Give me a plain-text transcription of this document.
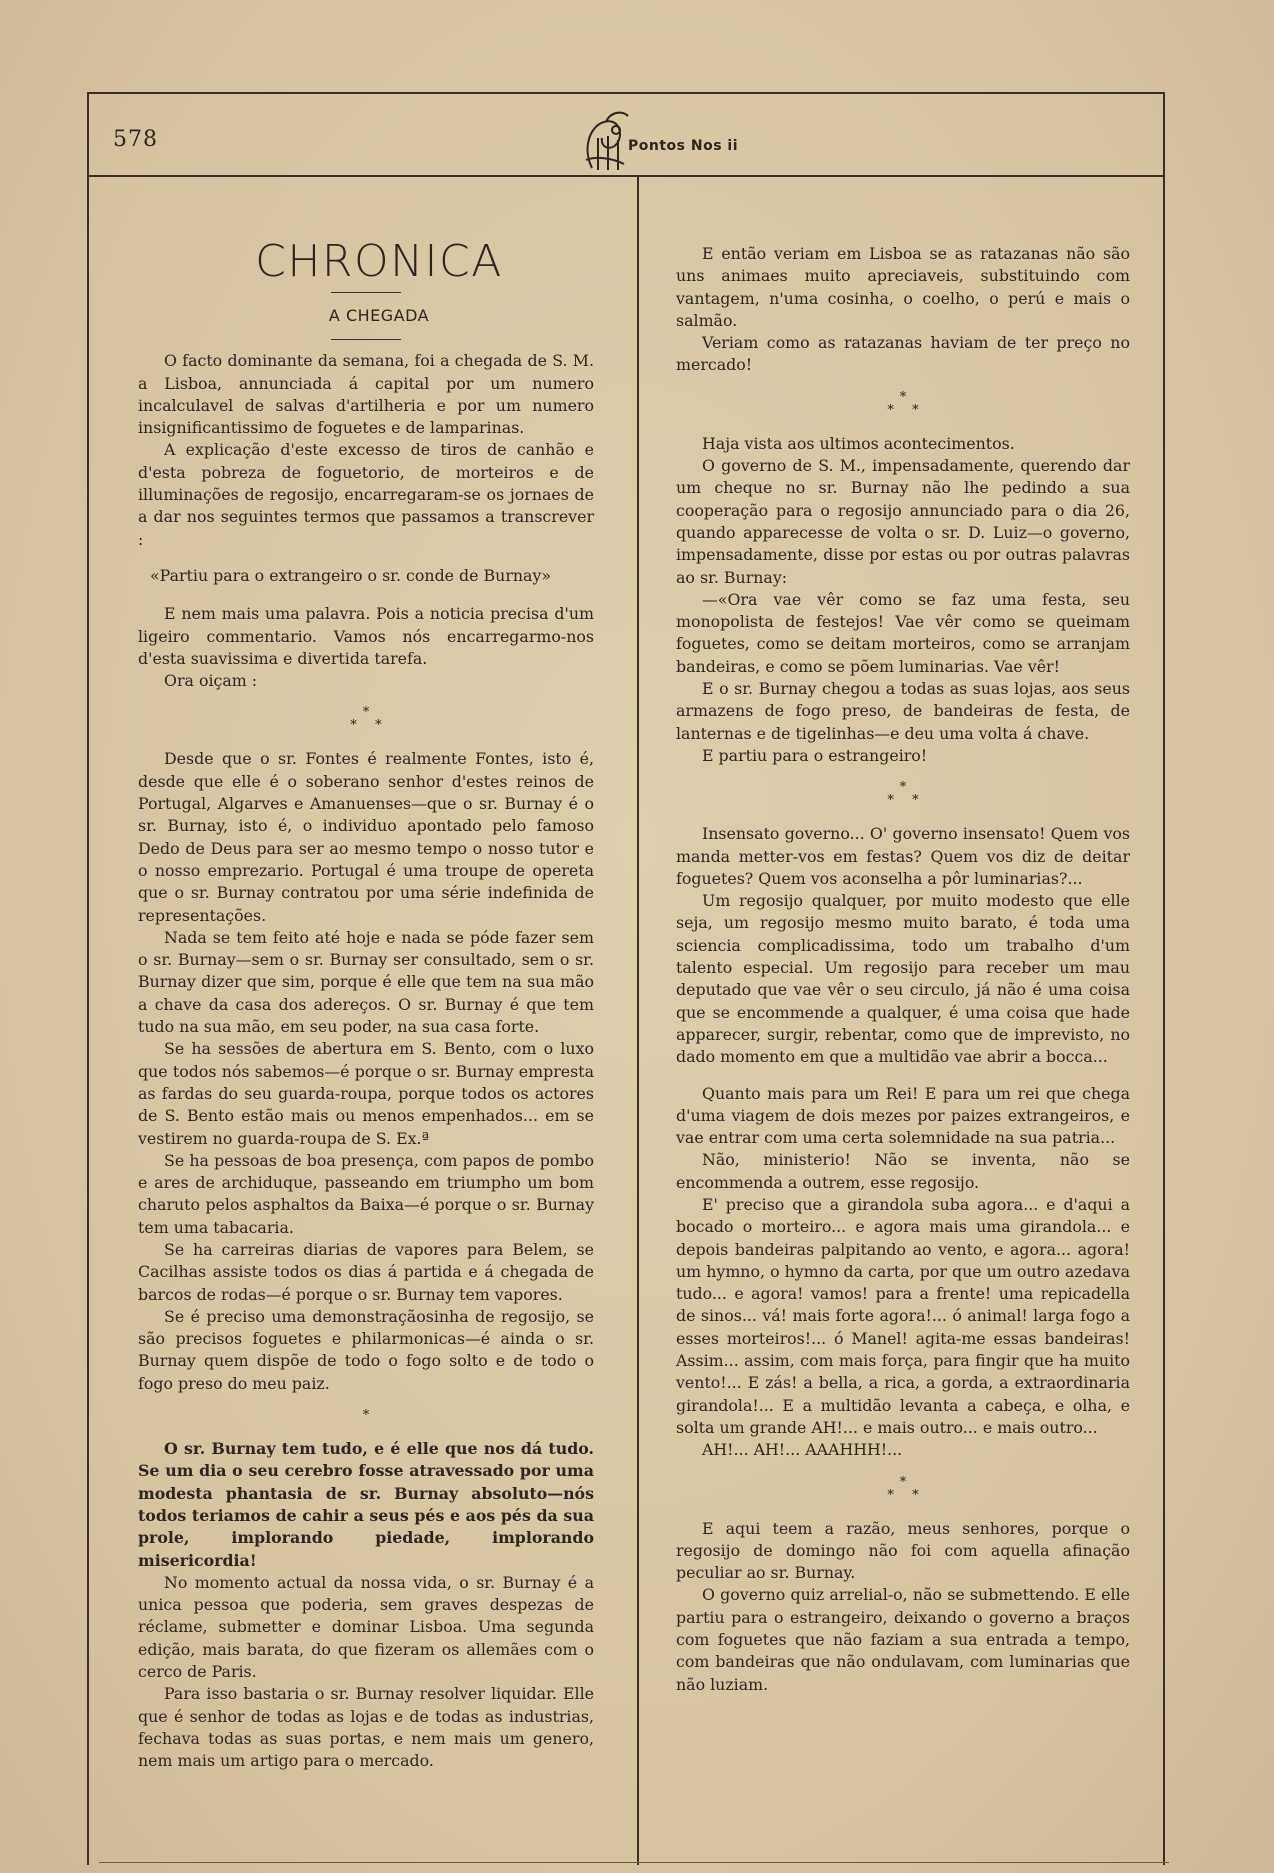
578	Pontos Nos ii

CHRONICA

A CHEGADA

O facto dominante da semana, foi a chegada de S. M. a Lisboa, annunciada á capital por um numero incalculavel de salvas d'artilheria e por um numero insignificantissimo de foguetes e de lamparinas.

A explicação d'este excesso de tiros de canhão e d'esta pobreza de foguetorio, de morteiros e de illuminações de regosijo, encarregaram-se os jornaes de a dar nos seguintes termos que passamos a transcrever :

«Partiu para o extrangeiro o sr. conde de Burnay»

E nem mais uma palavra. Pois a noticia precisa d'um ligeiro commentario. Vamos nós encarregarmo-nos d'esta suavissima e divertida tarefa.

Ora oiçam :

*
* *

Desde que o sr. Fontes é realmente Fontes, isto é, desde que elle é o soberano senhor d'estes reinos de Portugal, Algarves e Amanuenses—que o sr. Burnay é o sr. Burnay, isto é, o individuo apontado pelo famoso Dedo de Deus para ser ao mesmo tempo o nosso tutor e o nosso emprezario. Portugal é uma troupe de opereta que o sr. Burnay contratou por uma série indefinida de representações.

Nada se tem feito até hoje e nada se póde fazer sem o sr. Burnay—sem o sr. Burnay ser consultado, sem o sr. Burnay dizer que sim, porque é elle que tem na sua mão a chave da casa dos adereços. O sr. Burnay é que tem tudo na sua mão, em seu poder, na sua casa forte.

Se ha sessões de abertura em S. Bento, com o luxo que todos nós sabemos—é porque o sr. Burnay empresta as fardas do seu guarda-roupa, porque todos os actores de S. Bento estão mais ou menos empenhados... em se vestirem no guarda-roupa de S. Ex.ª

Se ha pessoas de boa presença, com papos de pombo e ares de archiduque, passeando em triumpho um bom charuto pelos asphaltos da Baixa—é porque o sr. Burnay tem uma tabacaria.

Se ha carreiras diarias de vapores para Belem, se Cacilhas assiste todos os dias á partida e á chegada de barcos de rodas—é porque o sr. Burnay tem vapores.

Se é preciso uma demonstraçãosinha de regosijo, se são precisos foguetes e philarmonicas—é ainda o sr. Burnay quem dispõe de todo o fogo solto e de todo o fogo preso do meu paiz.

*

O sr. Burnay tem tudo, e é elle que nos dá tudo. Se um dia o seu cerebro fosse atravessado por uma modesta phantasia de sr. Burnay absoluto—nós todos teriamos de cahir a seus pés e aos pés da sua prole, implorando piedade, implorando misericordia!

No momento actual da nossa vida, o sr. Burnay é a unica pessoa que poderia, sem graves despezas de réclame, submetter e dominar Lisboa. Uma segunda edição, mais barata, do que fizeram os allemães com o cerco de Paris.

Para isso bastaria o sr. Burnay resolver liquidar. Elle que é senhor de todas as lojas e de todas as industrias, fechava todas as suas portas, e nem mais um genero, nem mais um artigo para o mercado.

E então veriam em Lisboa se as ratazanas não são uns animaes muito apreciaveis, substituindo com vantagem, n'uma cosinha, o coelho, o perú e mais o salmão.

Veriam como as ratazanas haviam de ter preço no mercado!

*
* *

Haja vista aos ultimos acontecimentos.

O governo de S. M., impensadamente, querendo dar um cheque no sr. Burnay não lhe pedindo a sua cooperação para o regosijo annunciado para o dia 26, quando apparecesse de volta o sr. D. Luiz—o governo, impensadamente, disse por estas ou por outras palavras ao sr. Burnay:

—«Ora vae vêr como se faz uma festa, seu monopolista de festejos! Vae vêr como se queimam foguetes, como se deitam morteiros, como se arranjam bandeiras, e como se põem luminarias. Vae vêr!

E o sr. Burnay chegou a todas as suas lojas, aos seus armazens de fogo preso, de bandeiras de festa, de lanternas e de tigelinhas—e deu uma volta á chave.

E partiu para o estrangeiro!

*
* *

Insensato governo... O' governo insensato! Quem vos manda metter-vos em festas? Quem vos diz de deitar foguetes? Quem vos aconselha a pôr luminarias?...

Um regosijo qualquer, por muito modesto que elle seja, um regosijo mesmo muito barato, é toda uma sciencia complicadissima, todo um trabalho d'um talento especial. Um regosijo para receber um mau deputado que vae vêr o seu circulo, já não é uma coisa que se encommende a qualquer, é uma coisa que hade apparecer, surgir, rebentar, como que de imprevisto, no dado momento em que a multidão vae abrir a bocca...

Quanto mais para um Rei! E para um rei que chega d'uma viagem de dois mezes por paizes extrangeiros, e vae entrar com uma certa solemnidade na sua patria...

Não, ministerio! Não se inventa, não se encommenda a outrem, esse regosijo.

E' preciso que a girandola suba agora... e d'aqui a bocado o morteiro... e agora mais uma girandola... e depois bandeiras palpitando ao vento, e agora... agora! um hymno, o hymno da carta, por que um outro azedava tudo... e agora! vamos! para a frente! uma repicadella de sinos... vá! mais forte agora!... ó animal! larga fogo a esses morteiros!... ó Manel! agita-me essas bandeiras! Assim... assim, com mais força, para fingir que ha muito vento!... E zás! a bella, a rica, a gorda, a extraordinaria girandola!... E a multidão levanta a cabeça, e olha, e solta um grande AH!... e mais outro... e mais outro...

AH!... AH!... AAAHHH!...

*
* *

E aqui teem a razão, meus senhores, porque o regosijo de domingo não foi com aquella afinação peculiar ao sr. Burnay.

O governo quiz arrelial-o, não se submettendo. E elle partiu para o estrangeiro, deixando o governo a braços com foguetes que não faziam a sua entrada a tempo, com bandeiras que não ondulavam, com luminarias que não luziam.
